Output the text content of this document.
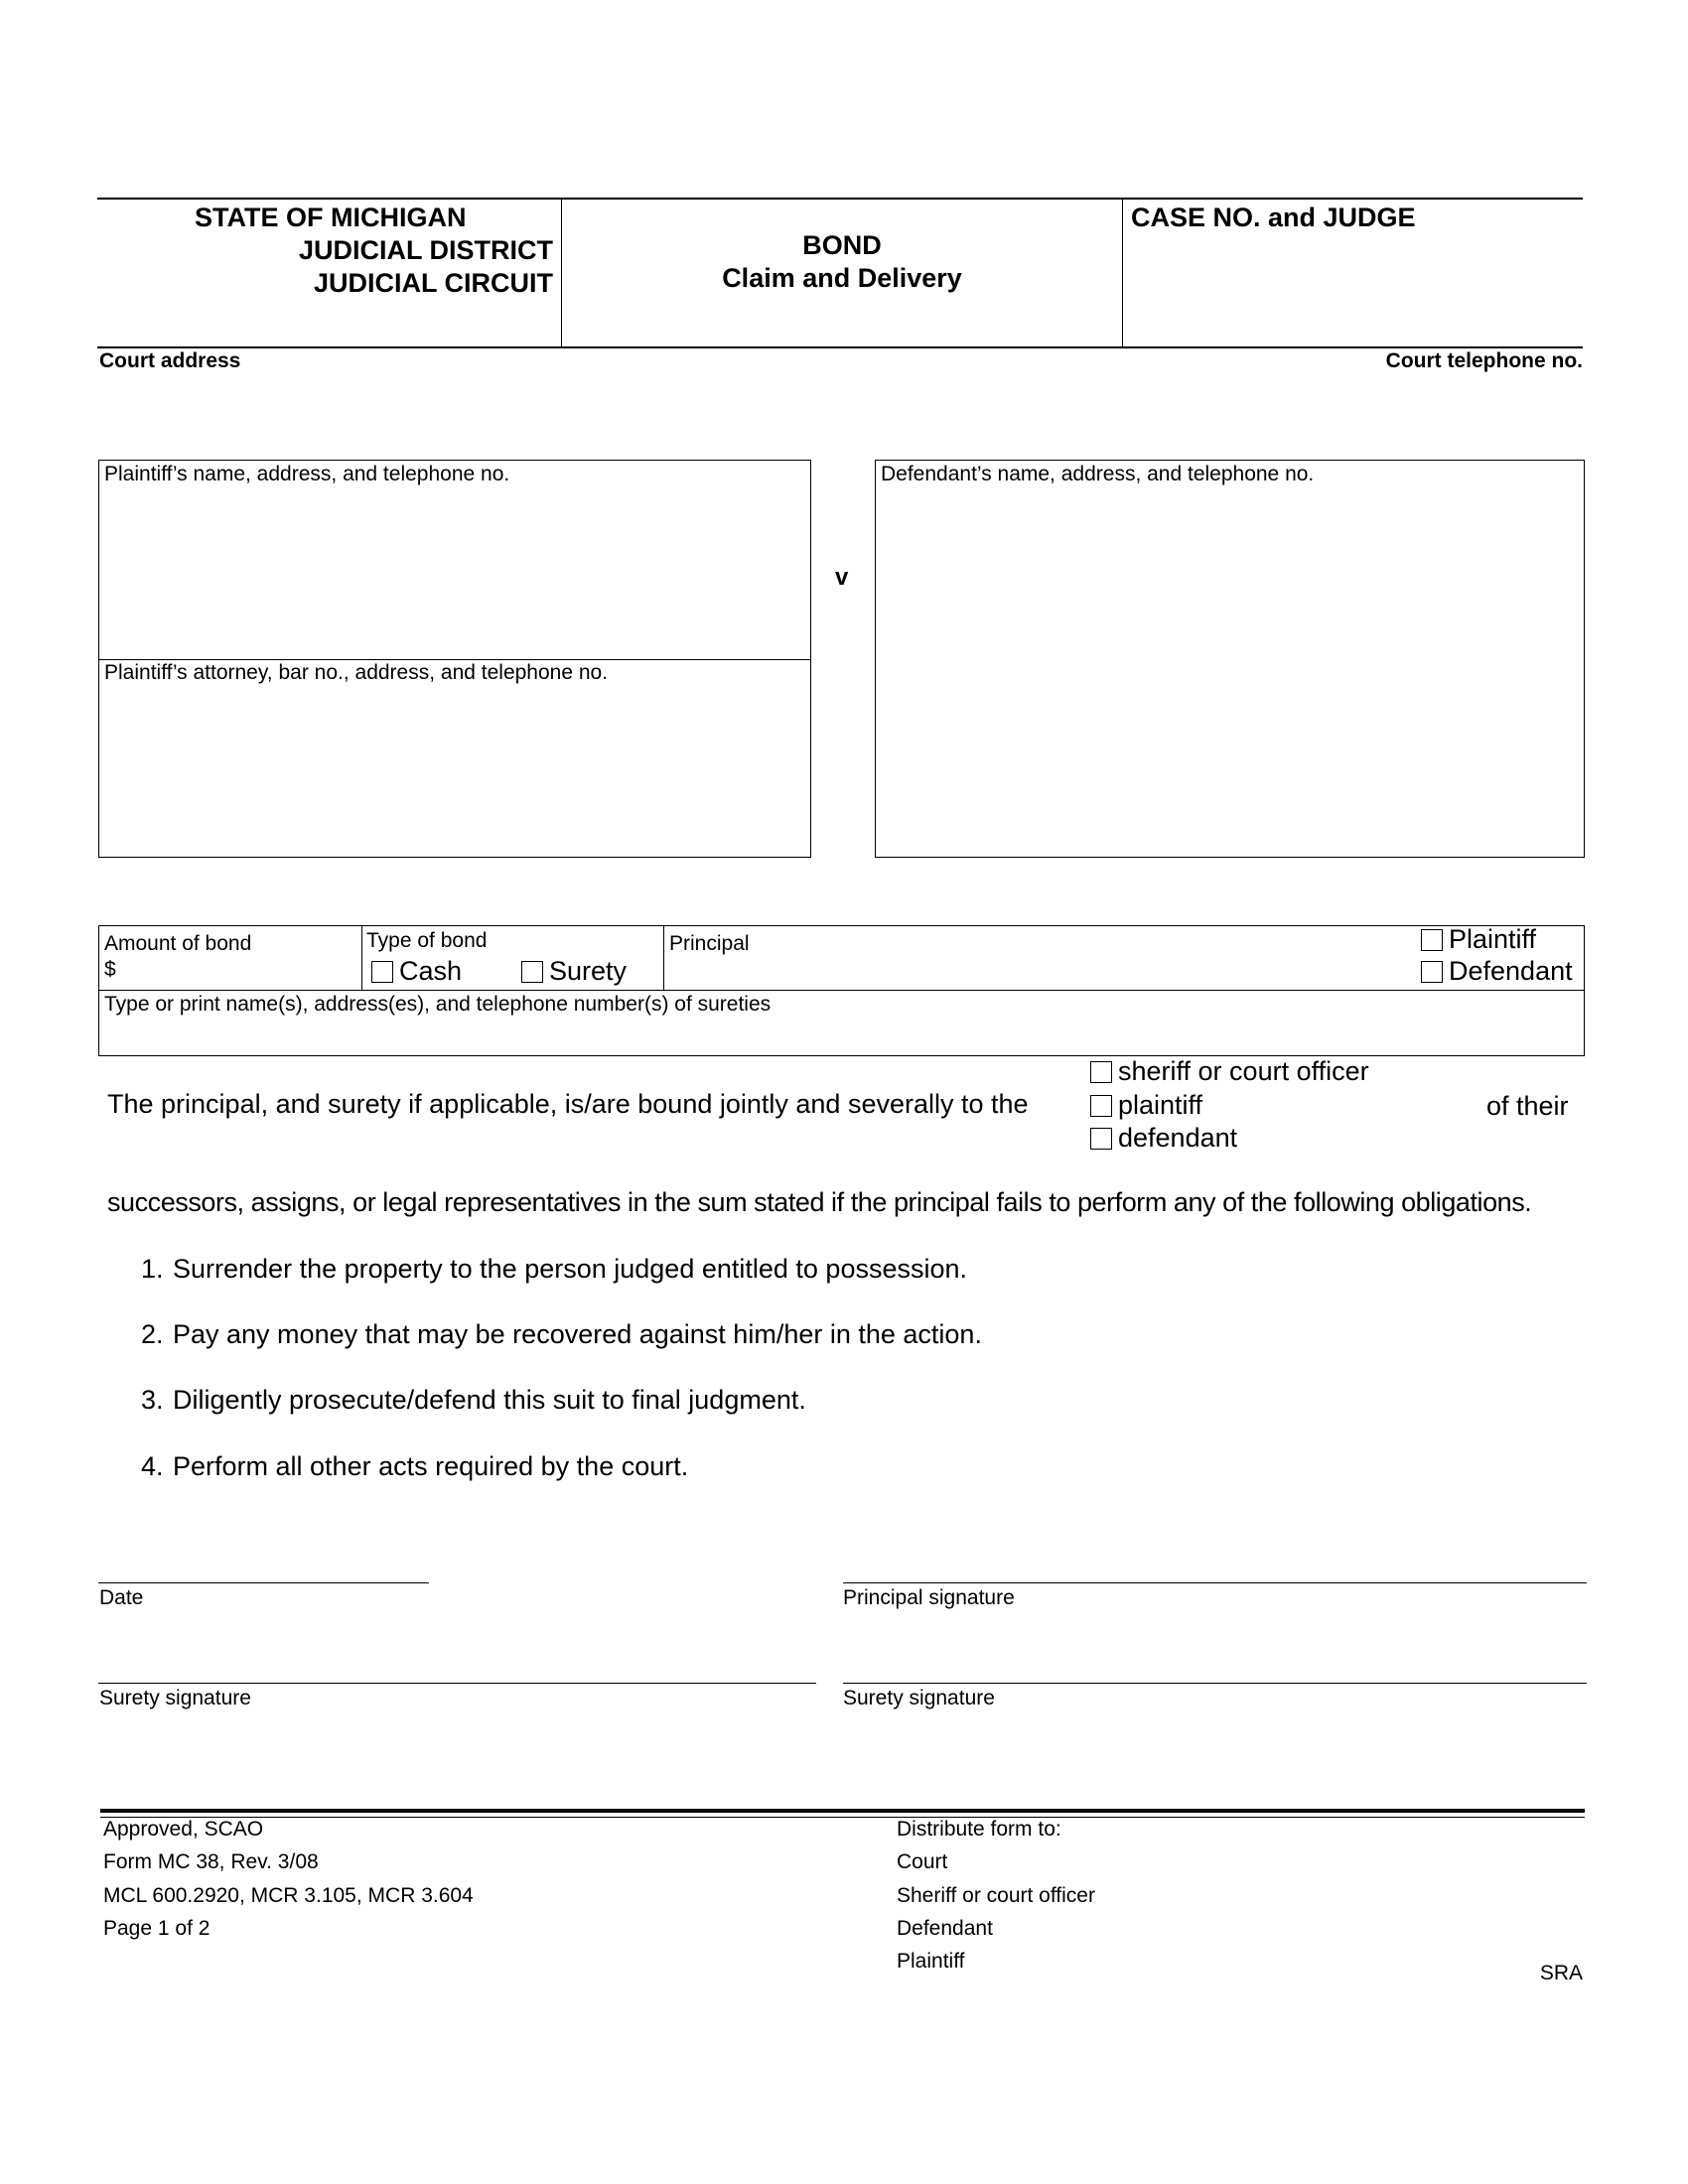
STATE OF MICHIGAN
JUDICIAL DISTRICT
JUDICIAL CIRCUIT
BOND
Claim and Delivery
CASE NO. and JUDGE
Court address	Court telephone no.
Plaintiff’s name, address, and telephone no.
Plaintiff’s attorney, bar no., address, and telephone no.
v
Defendant’s name, address, and telephone no.
Amount of bond
$
Type of bond
Cash	Surety
Principal	Plaintiff
Defendant
Type or print name(s), address(es), and telephone number(s) of sureties
The principal, and surety if applicable, is/are bound jointly and severally to the
sheriff or court officer
plaintiff
defendant
of their
successors, assigns, or legal representatives in the sum stated if the principal fails to perform any of the following obligations.
1. Surrender the property to the person judged entitled to possession.
2. Pay any money that may be recovered against him/her in the action.
3. Diligently prosecute/defend this suit to final judgment.
4. Perform all other acts required by the court.
Date	Principal signature
Surety signature	Surety signature
Approved, SCAO
Form MC 38, Rev. 3/08
MCL 600.2920, MCR 3.105, MCR 3.604
Page 1 of 2
Distribute form to:
Court
Sheriff or court officer
Defendant
Plaintiff
SRA
